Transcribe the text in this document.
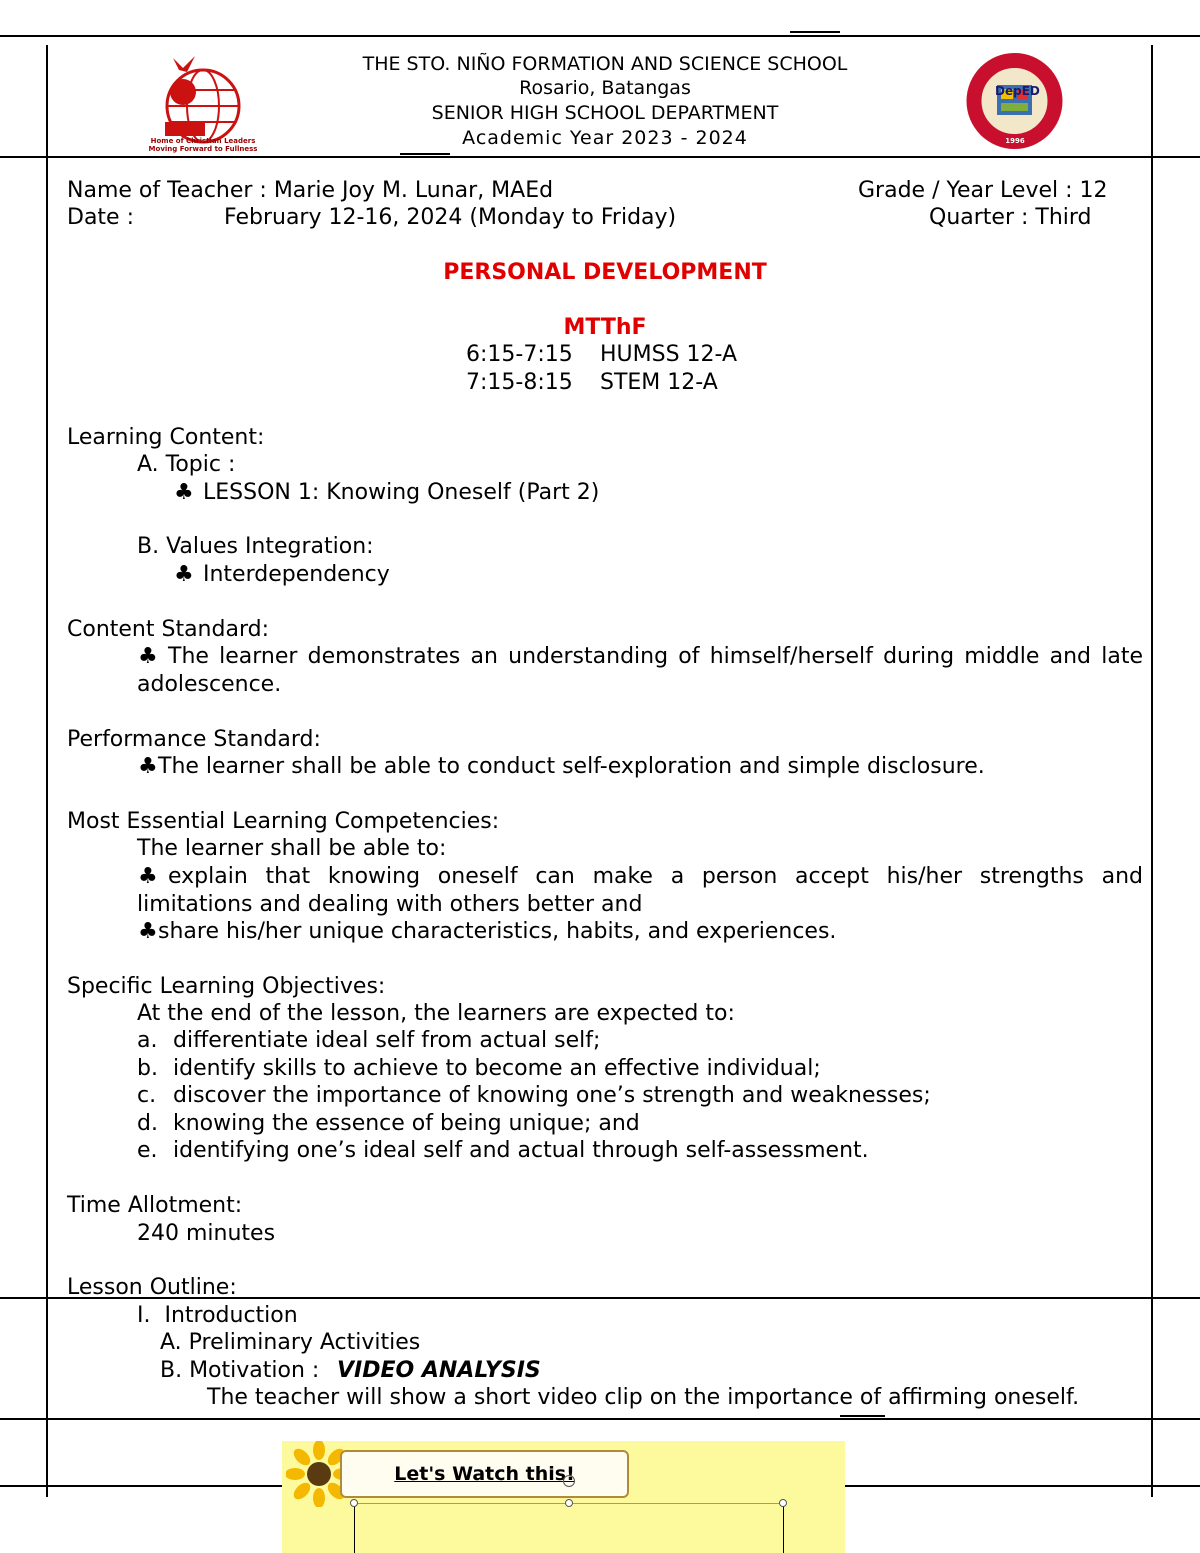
Home of Christian Leaders
Moving Forward to Fullness
THE STO. NIÑO FORMATION AND SCIENCE SCHOOL
Rosario, Batangas
SENIOR HIGH SCHOOL DEPARTMENT
Academic Year 2023 - 2024
DepED
1996
Name of Teacher : Marie Joy M. Lunar, MAEd	Grade / Year Level : 12
Date :	February 12-16, 2024 (Monday to Friday)	Quarter : Third
PERSONAL DEVELOPMENT
MTThF
6:15-7:15 HUMSS 12-A
7:15-8:15 STEM 12-A
Learning Content:
A. Topic :
♣ LESSON 1: Knowing Oneself (Part 2)
B. Values Integration:
♣ Interdependency
Content Standard:
♣ The learner demonstrates an understanding of himself/herself during middle and late adolescence.
Performance Standard:
♣ The learner shall be able to conduct self-exploration and simple disclosure.
Most Essential Learning Competencies:
The learner shall be able to:
♣ explain that knowing oneself can make a person accept his/her strengths and limitations and dealing with others better and
♣ share his/her unique characteristics, habits, and experiences.
Specific Learning Objectives:
At the end of the lesson, the learners are expected to:
a. differentiate ideal self from actual self;
b. identify skills to achieve to become an effective individual;
c. discover the importance of knowing one’s strength and weaknesses;
d. knowing the essence of being unique; and
e. identifying one’s ideal self and actual through self-assessment.
Time Allotment:
240 minutes
Lesson Outline:
I.  Introduction
A. Preliminary Activities
B. Motivation : VIDEO ANALYSIS
The teacher will show a short video clip on the importance of affirming oneself.
Let's Watch this!
